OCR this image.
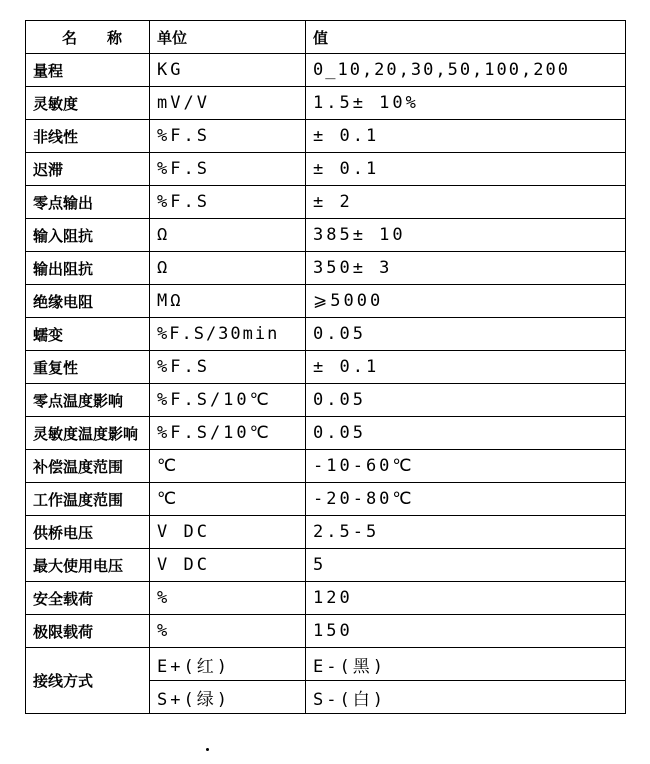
名　　称	单位	值
量程	KG	0_10,20,30,50,100,200
灵敏度	mV/V	1.5± 10%
非线性	%F.S	± 0.1
迟滞	%F.S	± 0.1
零点输出	%F.S	± 2
输入阻抗	Ω	385± 10
输出阻抗	Ω	350± 3
绝缘电阻	MΩ	⩾5000
蠕变	%F.S/30min	0.05
重复性	%F.S	± 0.1
零点温度影响	%F.S/10℃	0.05
灵敏度温度影响	%F.S/10℃	0.05
补偿温度范围	℃	-10-60℃
工作温度范围	℃	-20-80℃
供桥电压	V DC	2.5-5
最大使用电压	V DC	5
安全载荷	%	120
极限载荷	%	150
接线方式	E+(红)	E-(黑)
	S+(绿)	S-(白)
